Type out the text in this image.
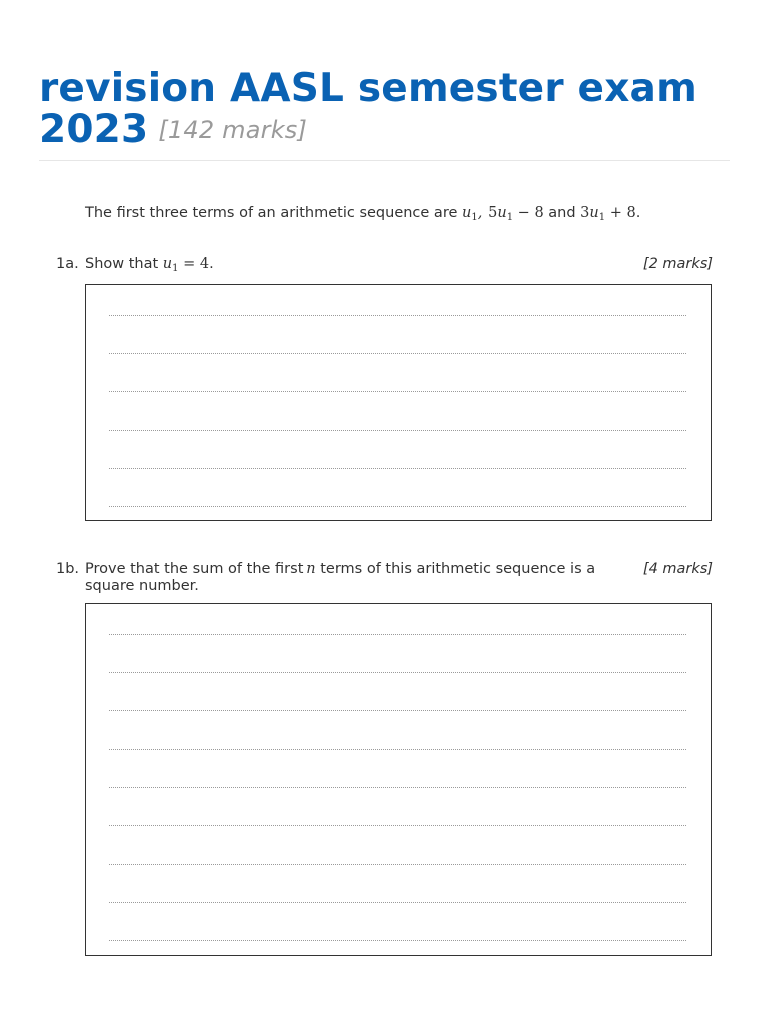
revision AASL semester exam
2023 [142 marks]
The first three terms of an arithmetic sequence are $u_1$,  $5u_1 - 8$ and $3u_1 + 8$.
1a. Show that $u_1 = 4$.	[2 marks]
1b. Prove that the sum of the first n terms of this arithmetic sequence is a square number.
[4 marks]
